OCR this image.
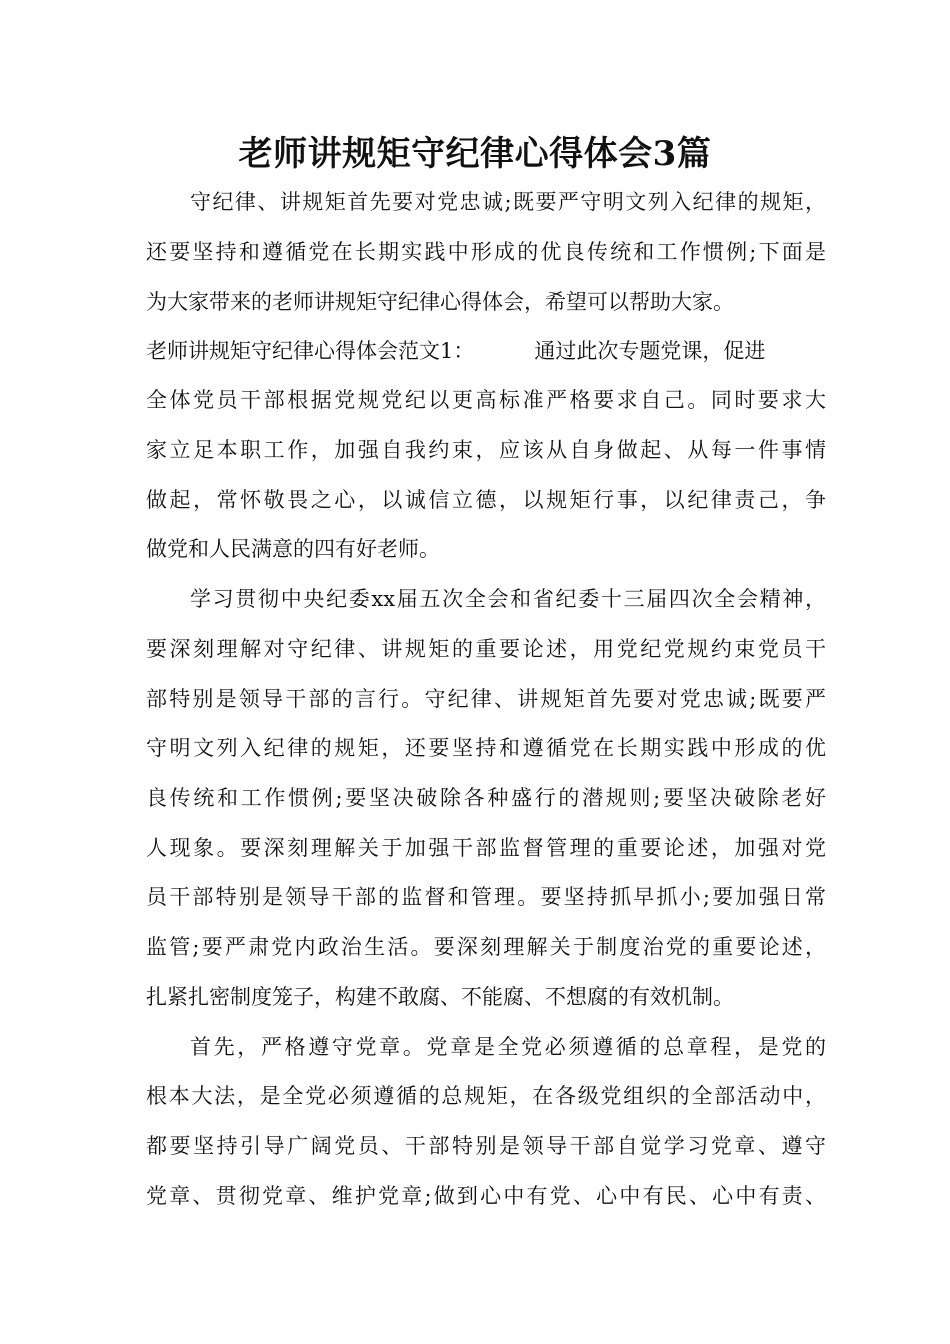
老师讲规矩守纪律心得体会3篇
守纪律、讲规矩首先要对党忠诚;既要严守明文列入纪律的规矩，
还要坚持和遵循党在长期实践中形成的优良传统和工作惯例;下面是
为大家带来的老师讲规矩守纪律心得体会，希望可以帮助大家。
老师讲规矩守纪律心得体会范文1：	通过此次专题党课，促进
全体党员干部根据党规党纪以更高标准严格要求自己。同时要求大
家立足本职工作，加强自我约束，应该从自身做起、从每一件事情
做起，常怀敬畏之心，以诚信立德，以规矩行事，以纪律责己，争
做党和人民满意的四有好老师。
学习贯彻中央纪委xx届五次全会和省纪委十三届四次全会精神，
要深刻理解对守纪律、讲规矩的重要论述，用党纪党规约束党员干
部特别是领导干部的言行。守纪律、讲规矩首先要对党忠诚;既要严
守明文列入纪律的规矩，还要坚持和遵循党在长期实践中形成的优
良传统和工作惯例;要坚决破除各种盛行的潜规则;要坚决破除老好
人现象。要深刻理解关于加强干部监督管理的重要论述，加强对党
员干部特别是领导干部的监督和管理。要坚持抓早抓小;要加强日常
监管;要严肃党内政治生活。要深刻理解关于制度治党的重要论述，
扎紧扎密制度笼子，构建不敢腐、不能腐、不想腐的有效机制。
首先，严格遵守党章。党章是全党必须遵循的总章程，是党的
根本大法，是全党必须遵循的总规矩，在各级党组织的全部活动中，
都要坚持引导广阔党员、干部特别是领导干部自觉学习党章、遵守
党章、贯彻党章、维护党章;做到心中有党、心中有民、心中有责、
